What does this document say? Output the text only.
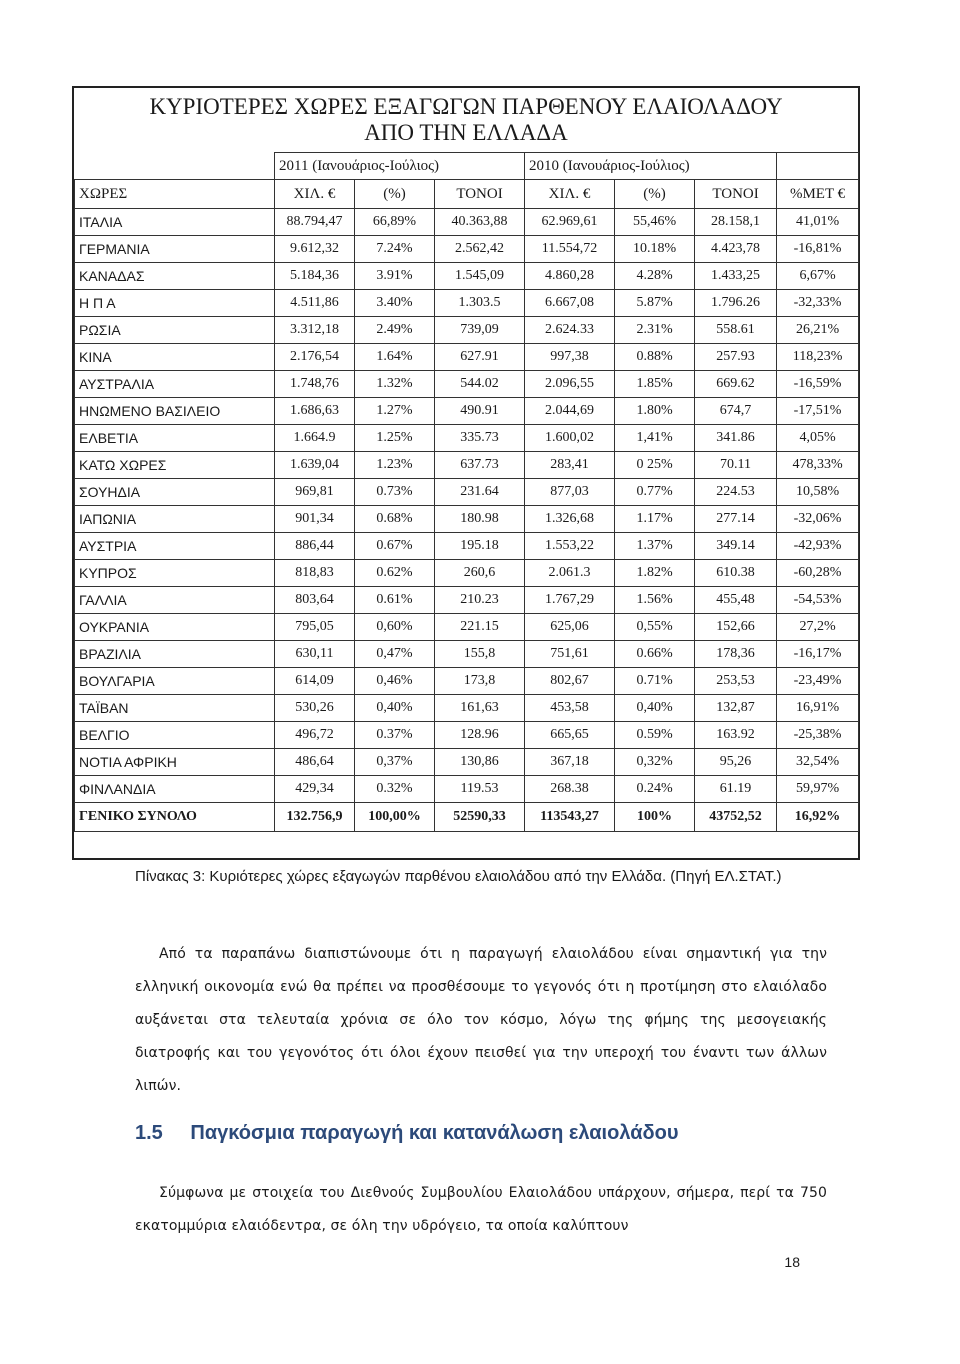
ΚΥΡΙΟΤΕΡΕΣ ΧΩΡΕΣ ΕΞΑΓΩΓΩΝ ΠΑΡΘΕΝΟΥ ΕΛΑΙΟΛΑΔΟΥ
ΑΠΟ ΤΗΝ ΕΛΛΑΔΑ
	2011 (Ιανουάριος-Ιούλιος)			2010 (Ιανουάριος-Ιούλιος)			
ΧΩΡΕΣ	ΧΙΛ. €	(%)	ΤΟΝΟΙ	ΧΙΛ. €	(%)	ΤΟΝΟΙ	%ΜΕΤ €
ΙΤΑΛΙΑ	88.794,47	66,89%	40.363,88	62.969,61	55,46%	28.158,1	41,01%
ΓΕΡΜΑΝΙΑ	9.612,32	7.24%	2.562,42	11.554,72	10.18%	4.423,78	-16,81%
ΚΑΝΑΔΑΣ	5.184,36	3.91%	1.545,09	4.860,28	4.28%	1.433,25	6,67%
Η Π Α	4.511,86	3.40%	1.303.5	6.667,08	5.87%	1.796.26	-32,33%
ΡΩΣΙΑ	3.312,18	2.49%	739,09	2.624.33	2.31%	558.61	26,21%
ΚΙΝΑ	2.176,54	1.64%	627.91	997,38	0.88%	257.93	118,23%
ΑΥΣΤΡΑΛΙΑ	1.748,76	1.32%	544.02	2.096,55	1.85%	669.62	-16,59%
ΗΝΩΜΕΝΟ ΒΑΣΙΛΕΙΟ	1.686,63	1.27%	490.91	2.044,69	1.80%	674,7	-17,51%
ΕΛΒΕΤΙΑ	1.664.9	1.25%	335.73	1.600,02	1,41%	341.86	4,05%
ΚΑΤΩ ΧΩΡΕΣ	1.639,04	1.23%	637.73	283,41	0 25%	70.11	478,33%
ΣΟΥΗΔΙΑ	969,81	0.73%	231.64	877,03	0.77%	224.53	10,58%
ΙΑΠΩΝΙΑ	901,34	0.68%	180.98	1.326,68	1.17%	277.14	-32,06%
ΑΥΣΤΡΙΑ	886,44	0.67%	195.18	1.553,22	1.37%	349.14	-42,93%
ΚΥΠΡΟΣ	818,83	0.62%	260,6	2.061.3	1.82%	610.38	-60,28%
ΓΑΛΛΙΑ	803,64	0.61%	210.23	1.767,29	1.56%	455,48	-54,53%
ΟΥΚΡΑΝΙΑ	795,05	0,60%	221.15	625,06	0,55%	152,66	27,2%
ΒΡΑΖΙΛΙΑ	630,11	0,47%	155,8	751,61	0.66%	178,36	-16,17%
ΒΟΥΛΓΑΡΙΑ	614,09	0,46%	173,8	802,67	0.71%	253,53	-23,49%
ΤΑΪΒΑΝ	530,26	0,40%	161,63	453,58	0,40%	132,87	16,91%
ΒΕΛΓΙΟ	496,72	0.37%	128.96	665,65	0.59%	163.92	-25,38%
ΝΟΤΙΑ ΑΦΡΙΚΗ	486,64	0,37%	130,86	367,18	0,32%	95,26	32,54%
ΦΙΝΛΑΝΔΙΑ	429,34	0.32%	119.53	268.38	0.24%	61.19	59,97%
ΓΕΝΙΚΟ ΣΥΝΟΛΟ	132.756,9	100,00%	52590,33	113543,27	100%	43752,52	16,92%
Πίνακας 3: Κυριότερες χώρες εξαγωγών παρθένου ελαιολάδου από την Ελλάδα. (Πηγή ΕΛ.ΣΤΑΤ.)
Από τα παραπάνω διαπιστώνουμε ότι η παραγωγή ελαιολάδου είναι σημαντική για την ελληνική οικονομία ενώ θα πρέπει να προσθέσουμε το γεγονός ότι η προτίμηση στο ελαιόλαδο αυξάνεται στα τελευταία χρόνια σε όλο τον κόσμο, λόγω της φήμης της μεσογειακής διατροφής και του γεγονότος ότι όλοι έχουν πεισθεί για την υπεροχή του έναντι των άλλων λιπών.
1.5 Παγκόσμια παραγωγή και κατανάλωση ελαιολάδου
Σύμφωνα με στοιχεία του Διεθνούς Συμβουλίου Ελαιολάδου υπάρχουν, σήμερα, περί τα 750 εκατομμύρια ελαιόδεντρα, σε όλη την υδρόγειο, τα οποία καλύπτουν
18
